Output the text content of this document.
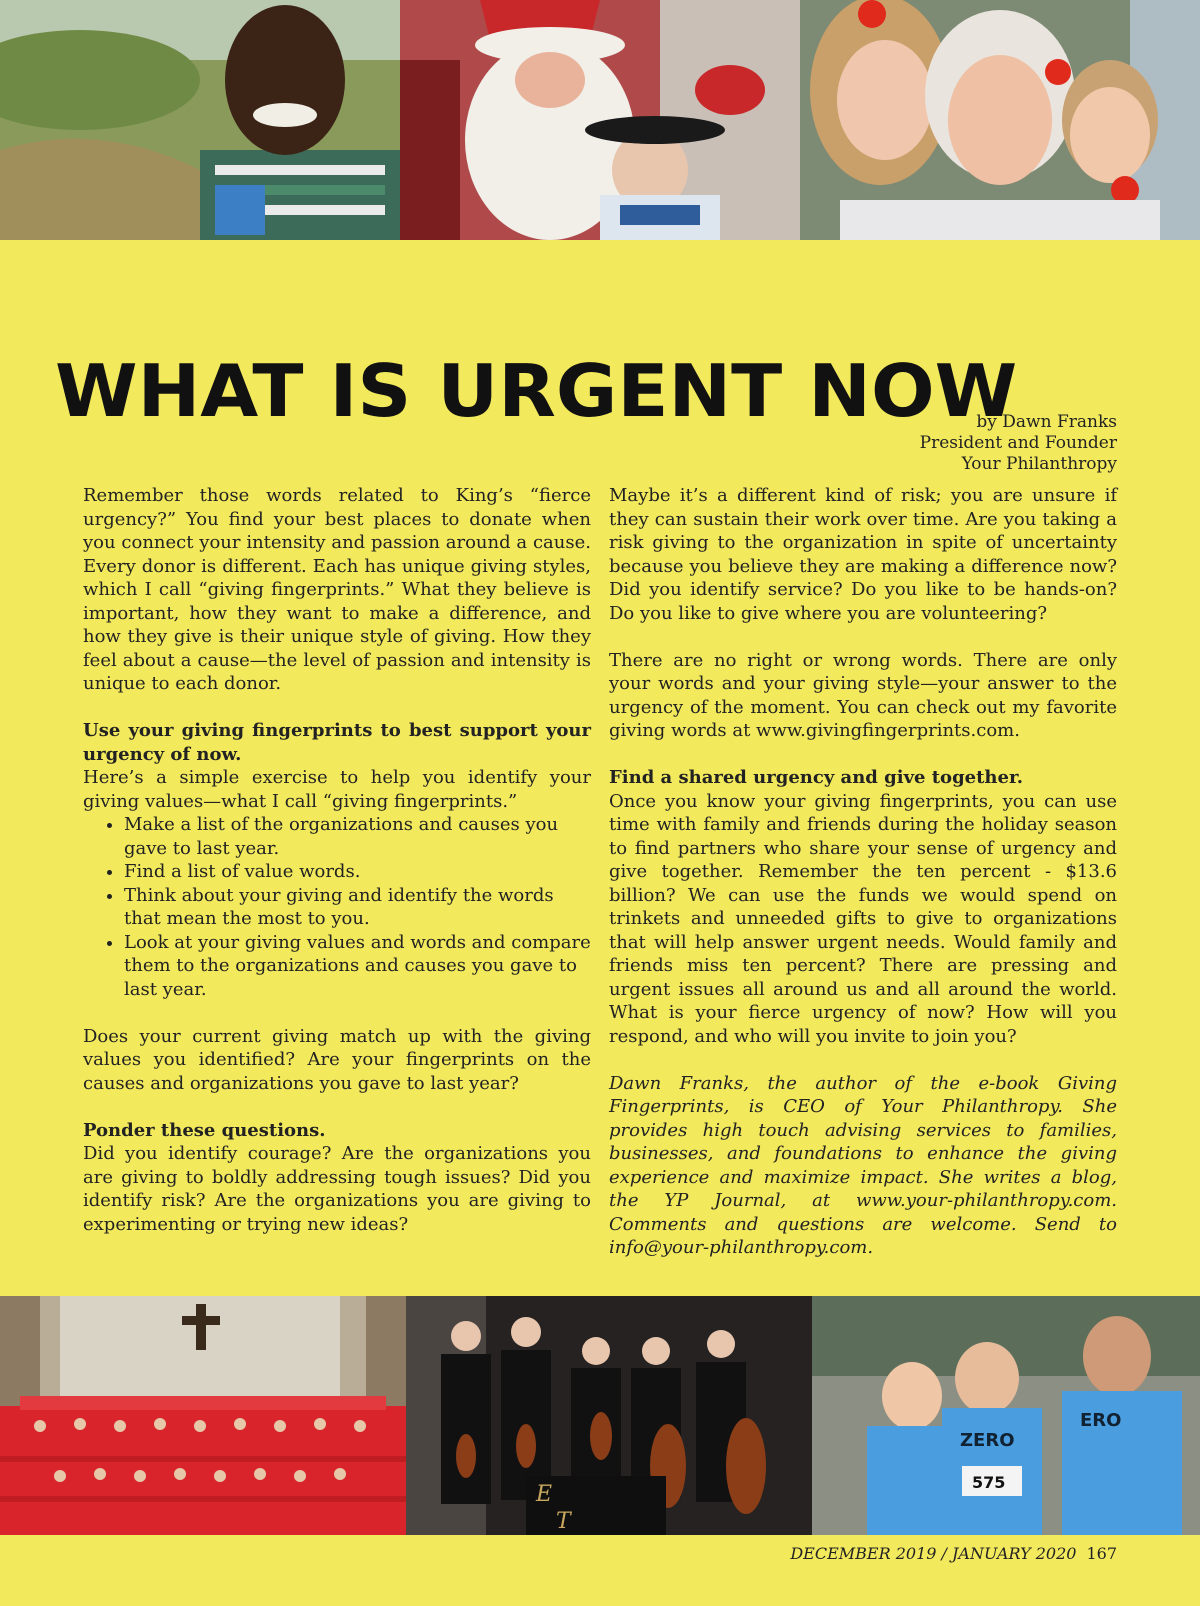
WHAT IS URGENT NOW
by Dawn Franks
President and Founder
Your Philanthropy

Remember those words related to King’s “fierce urgency?” You find your best places to donate when you connect your intensity and passion around a cause. Every donor is different. Each has unique giving styles, which I call “giving fingerprints.” What they believe is important, how they want to make a difference, and how they give is their unique style of giving. How they feel about a cause—the level of passion and intensity is unique to each donor.

Use your giving fingerprints to best support your urgency of now.

Here’s a simple exercise to help you identify your giving values—what I call “giving fingerprints.”

• Make a list of the organizations and causes you gave to last year.
• Find a list of value words.
• Think about your giving and identify the words that mean the most to you.
• Look at your giving values and words and compare them to the organizations and causes you gave to last year.

Does your current giving match up with the giving values you identified? Are your fingerprints on the causes and organizations you gave to last year?

Ponder these questions.

Did you identify courage? Are the organizations you are giving to boldly addressing tough issues? Did you identify risk? Are the organizations you are giving to experimenting or trying new ideas?

Maybe it’s a different kind of risk; you are unsure if they can sustain their work over time. Are you taking a risk giving to the organization in spite of uncertainty because you believe they are making a difference now? Did you identify service? Do you like to be hands-on? Do you like to give where you are volunteering?

There are no right or wrong words. There are only your words and your giving style—your answer to the urgency of the moment. You can check out my favorite giving words at www.givingfingerprints.com.

Find a shared urgency and give together.

Once you know your giving fingerprints, you can use time with family and friends during the holiday season to find partners who share your sense of urgency and give together. Remember the ten percent - $13.6 billion? We can use the funds we would spend on trinkets and unneeded gifts to give to organizations that will help answer urgent needs. Would family and friends miss ten percent? There are pressing and urgent issues all around us and all around the world. What is your fierce urgency of now? How will you respond, and who will you invite to join you?

Dawn Franks, the author of the e-book Giving Fingerprints, is CEO of Your Philanthropy. She provides high touch advising services to families, businesses, and foundations to enhance the giving experience and maximize impact. She writes a blog, the YP Journal, at www.your-philanthropy.com. Comments and questions are welcome. Send to info@your-philanthropy.com.

E
T
ZERO
ERO
575
DECEMBER 2019 / JANUARY 2020 167
